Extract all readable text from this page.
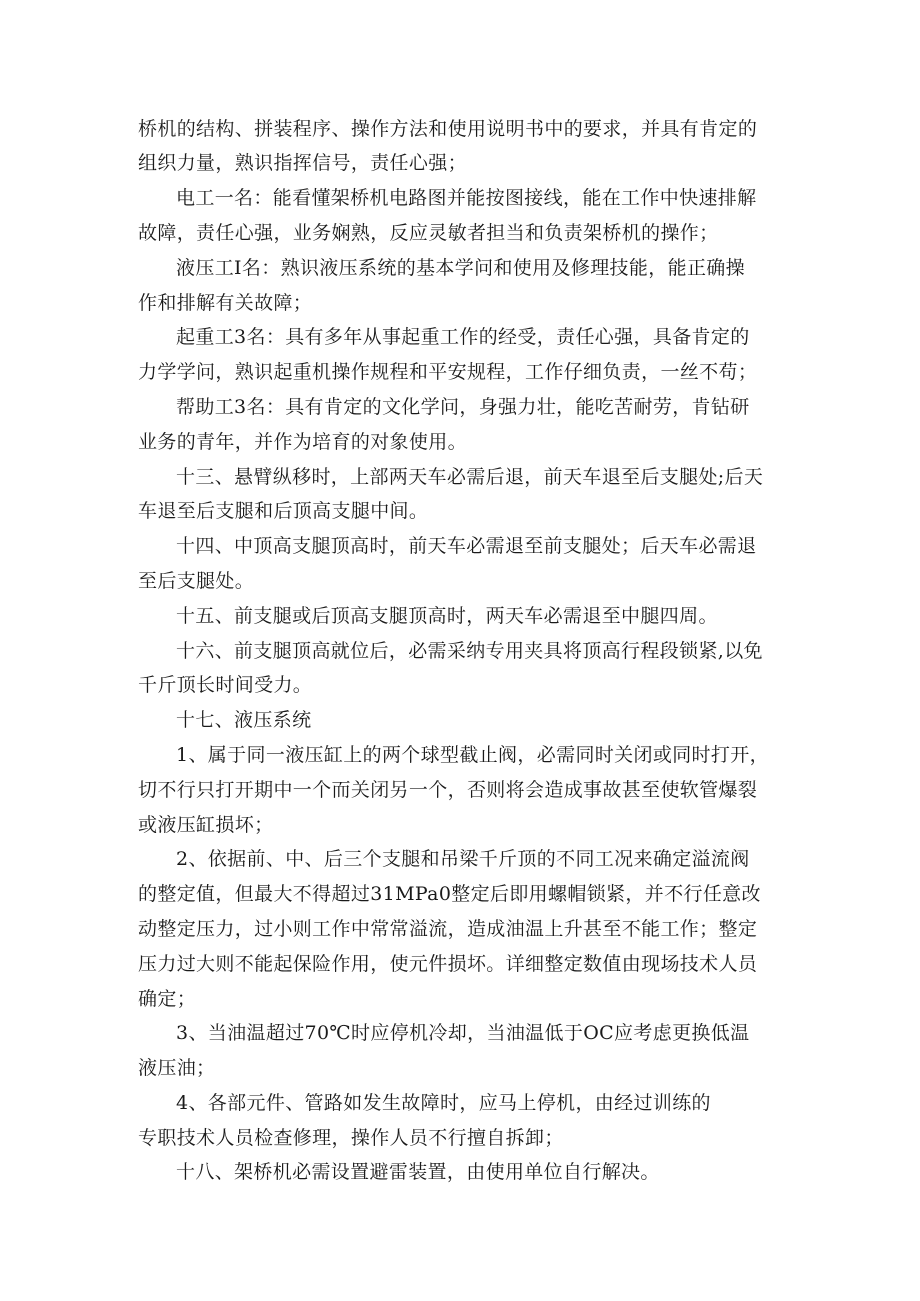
桥机的结构、拼装程序、操作方法和使用说明书中的要求，并具有肯定的
组织力量，熟识指挥信号，责任心强；
电工一名：能看懂架桥机电路图并能按图接线，能在工作中快速排解
故障，责任心强，业务娴熟，反应灵敏者担当和负责架桥机的操作；
液压工Ⅰ名：熟识液压系统的基本学问和使用及修理技能，能正确操
作和排解有关故障；
起重工3名：具有多年从事起重工作的经受，责任心强，具备肯定的
力学学问，熟识起重机操作规程和平安规程，工作仔细负责，一丝不苟；
帮助工3名：具有肯定的文化学问，身强力壮，能吃苦耐劳，肯钻研
业务的青年，并作为培育的对象使用。
十三、悬臂纵移时，上部两天车必需后退，前天车退至后支腿处;后天
车退至后支腿和后顶高支腿中间。
十四、中顶高支腿顶高时，前天车必需退至前支腿处；后天车必需退
至后支腿处。
十五、前支腿或后顶高支腿顶高时，两天车必需退至中腿四周。
十六、前支腿顶高就位后，必需采纳专用夹具将顶高行程段锁紧,以免
千斤顶长时间受力。
十七、液压系统
1、属于同一液压缸上的两个球型截止阀，必需同时关闭或同时打开，
切不行只打开期中一个而关闭另一个，否则将会造成事故甚至使软管爆裂
或液压缸损坏；
2、依据前、中、后三个支腿和吊梁千斤顶的不同工况来确定溢流阀
的整定值，但最大不得超过31MPa0整定后即用螺帽锁紧，并不行任意改
动整定压力，过小则工作中常常溢流，造成油温上升甚至不能工作；整定
压力过大则不能起保险作用，使元件损坏。详细整定数值由现场技术人员
确定；
3、当油温超过70℃时应停机冷却，当油温低于OC应考虑更换低温
液压油；
4、各部元件、管路如发生故障时，应马上停机，由经过训练的
专职技术人员检查修理，操作人员不行擅自拆卸；
十八、架桥机必需设置避雷装置，由使用单位自行解决。
